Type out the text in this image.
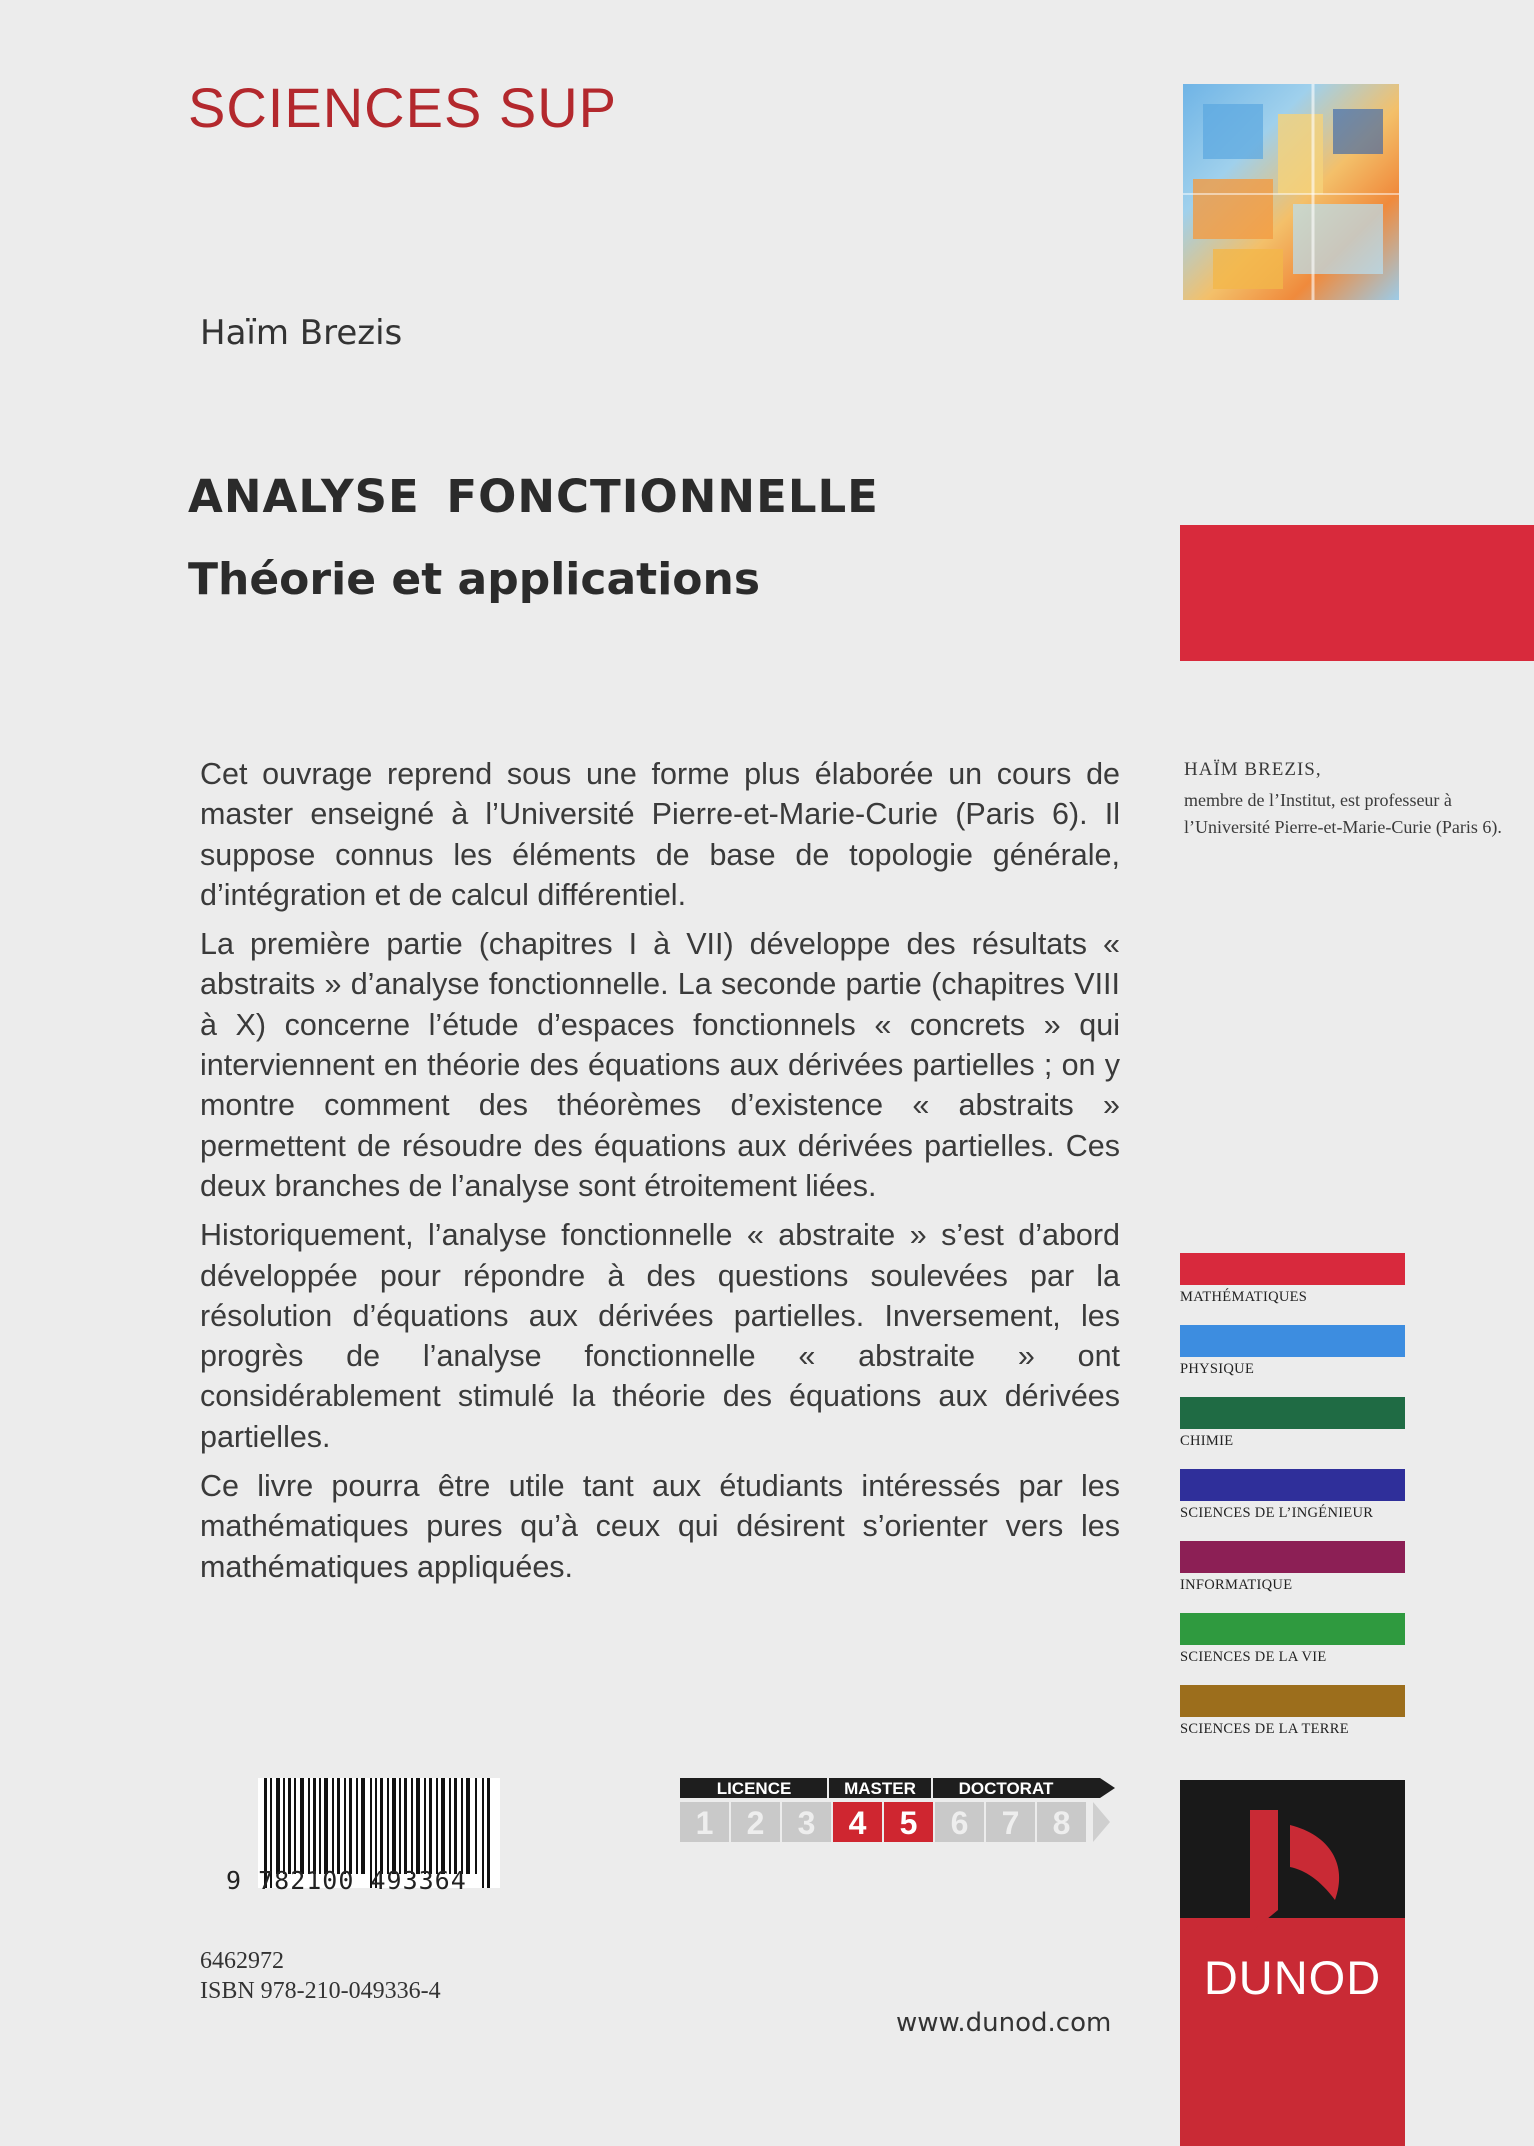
SCIENCES SUP
Haïm Brezis
ANALYSE FONCTIONNELLE
Théorie et applications

Cet ouvrage reprend sous une forme plus élaborée un cours de master enseigné à l’Université Pierre-et-Marie-Curie (Paris 6). Il suppose connus les éléments de base de topologie générale, d’intégration et de calcul différentiel.

La première partie (chapitres I à VII) développe des résultats « abstraits » d’analyse fonctionnelle. La seconde partie (chapitres VIII à X) concerne l’étude d’espaces fonctionnels « concrets » qui interviennent en théorie des équations aux dérivées partielles ; on y montre comment des théorèmes d’existence « abstraits » permettent de résoudre des équations aux dérivées partielles. Ces deux branches de l’analyse sont étroitement liées.

Historiquement, l’analyse fonctionnelle « abstraite » s’est d’abord développée pour répondre à des questions soulevées par la résolution d’équations aux dérivées partielles. Inversement, les progrès de l’analyse fonctionnelle « abstraite » ont considérablement stimulé la théorie des équations aux dérivées partielles.

Ce livre pourra être utile tant aux étudiants intéressés par les mathématiques pures qu’à ceux qui désirent s’orienter vers les mathématiques appliquées.

HAÏM BREZIS,
membre de l’Institut, est professeur à l’Université Pierre-et-Marie-Curie (Paris 6).
MATHÉMATIQUES
PHYSIQUE
CHIMIE
SCIENCES DE L’INGÉNIEUR
INFORMATIQUE
SCIENCES DE LA VIE
SCIENCES DE LA TERRE
9 782100 493364
6462972
ISBN 978-210-049336-4
LICENCE	MASTER	DOCTORAT
1 2 3 4 5 6 7 8
DUNOD
www.dunod.com
